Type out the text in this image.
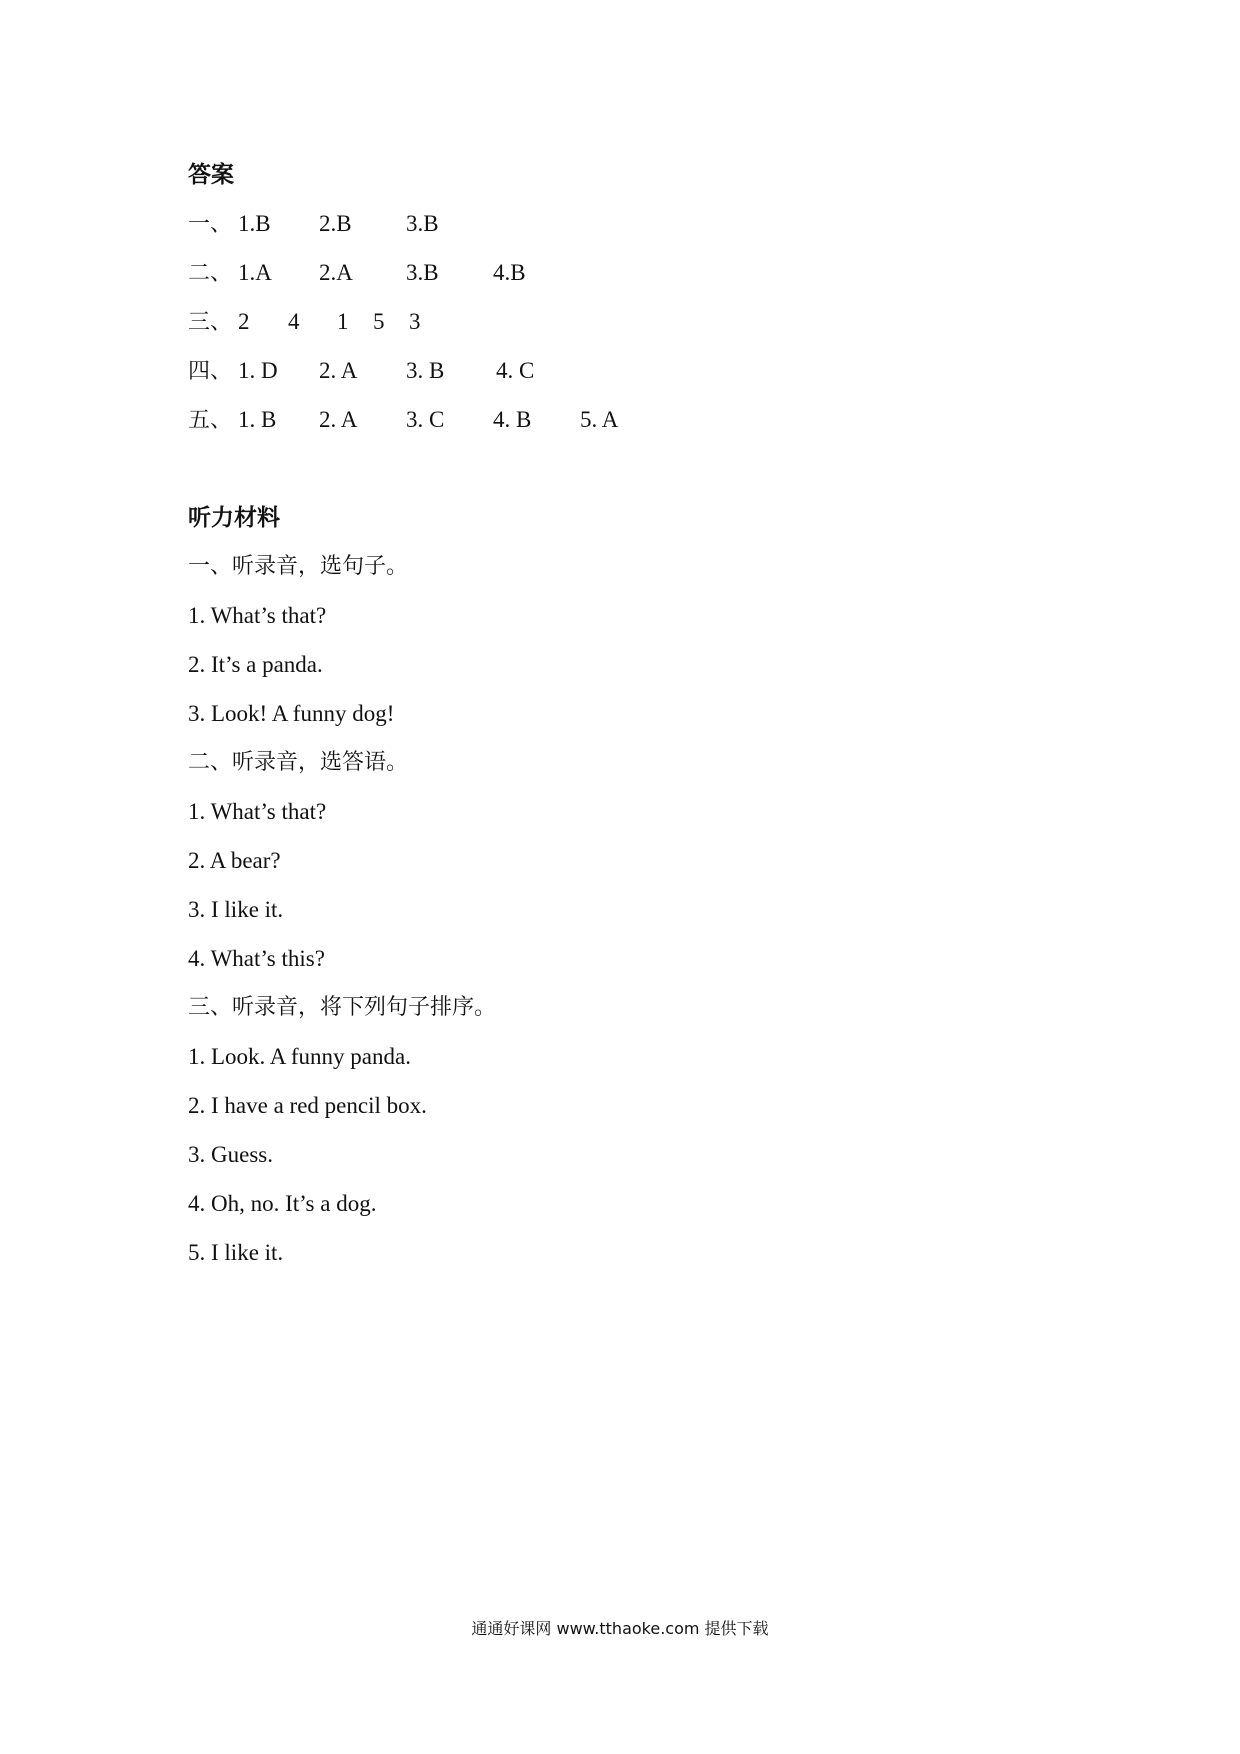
答案
一、 1.B 2.B 3.B
二、 1.A 2.A 3.B 4.B
三、 2 4 1 5 3
四、 1. D 2. A 3. B 4. C
五、 1. B 2. A 3. C 4. B 5. A
听力材料
一、听录音，选句子。
1. What’s that?
2. It’s a panda.
3. Look! A funny dog!
二、听录音，选答语。
1. What’s that?
2. A bear?
3. I like it.
4. What’s this?
三、听录音，将下列句子排序。
1. Look. A funny panda.
2. I have a red pencil box.
3. Guess.
4. Oh, no. It’s a dog.
5. I like it.
通通好课网 www.tthaoke.com 提供下载
